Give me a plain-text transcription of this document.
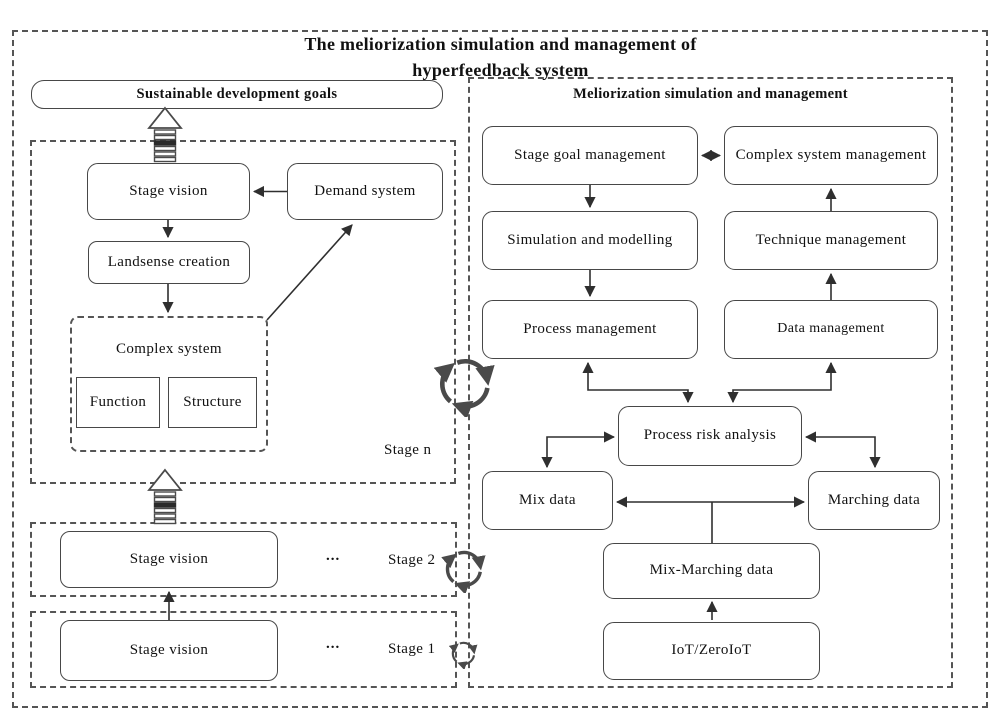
The meliorization simulation and management of
hyperfeedback system
Sustainable development goals
Stage vision	Demand system
Landsense creation
Complex system
Function	Structure
Stage n
Stage vision	...	Stage 2
Stage vision	...	Stage 1
Meliorization simulation and management
Stage goal management	Complex system management
Simulation and modelling	Technique management
Process management	Data management
Process risk analysis
Mix data	Marching data
Mix-Marching data
IoT/ZeroIoT
